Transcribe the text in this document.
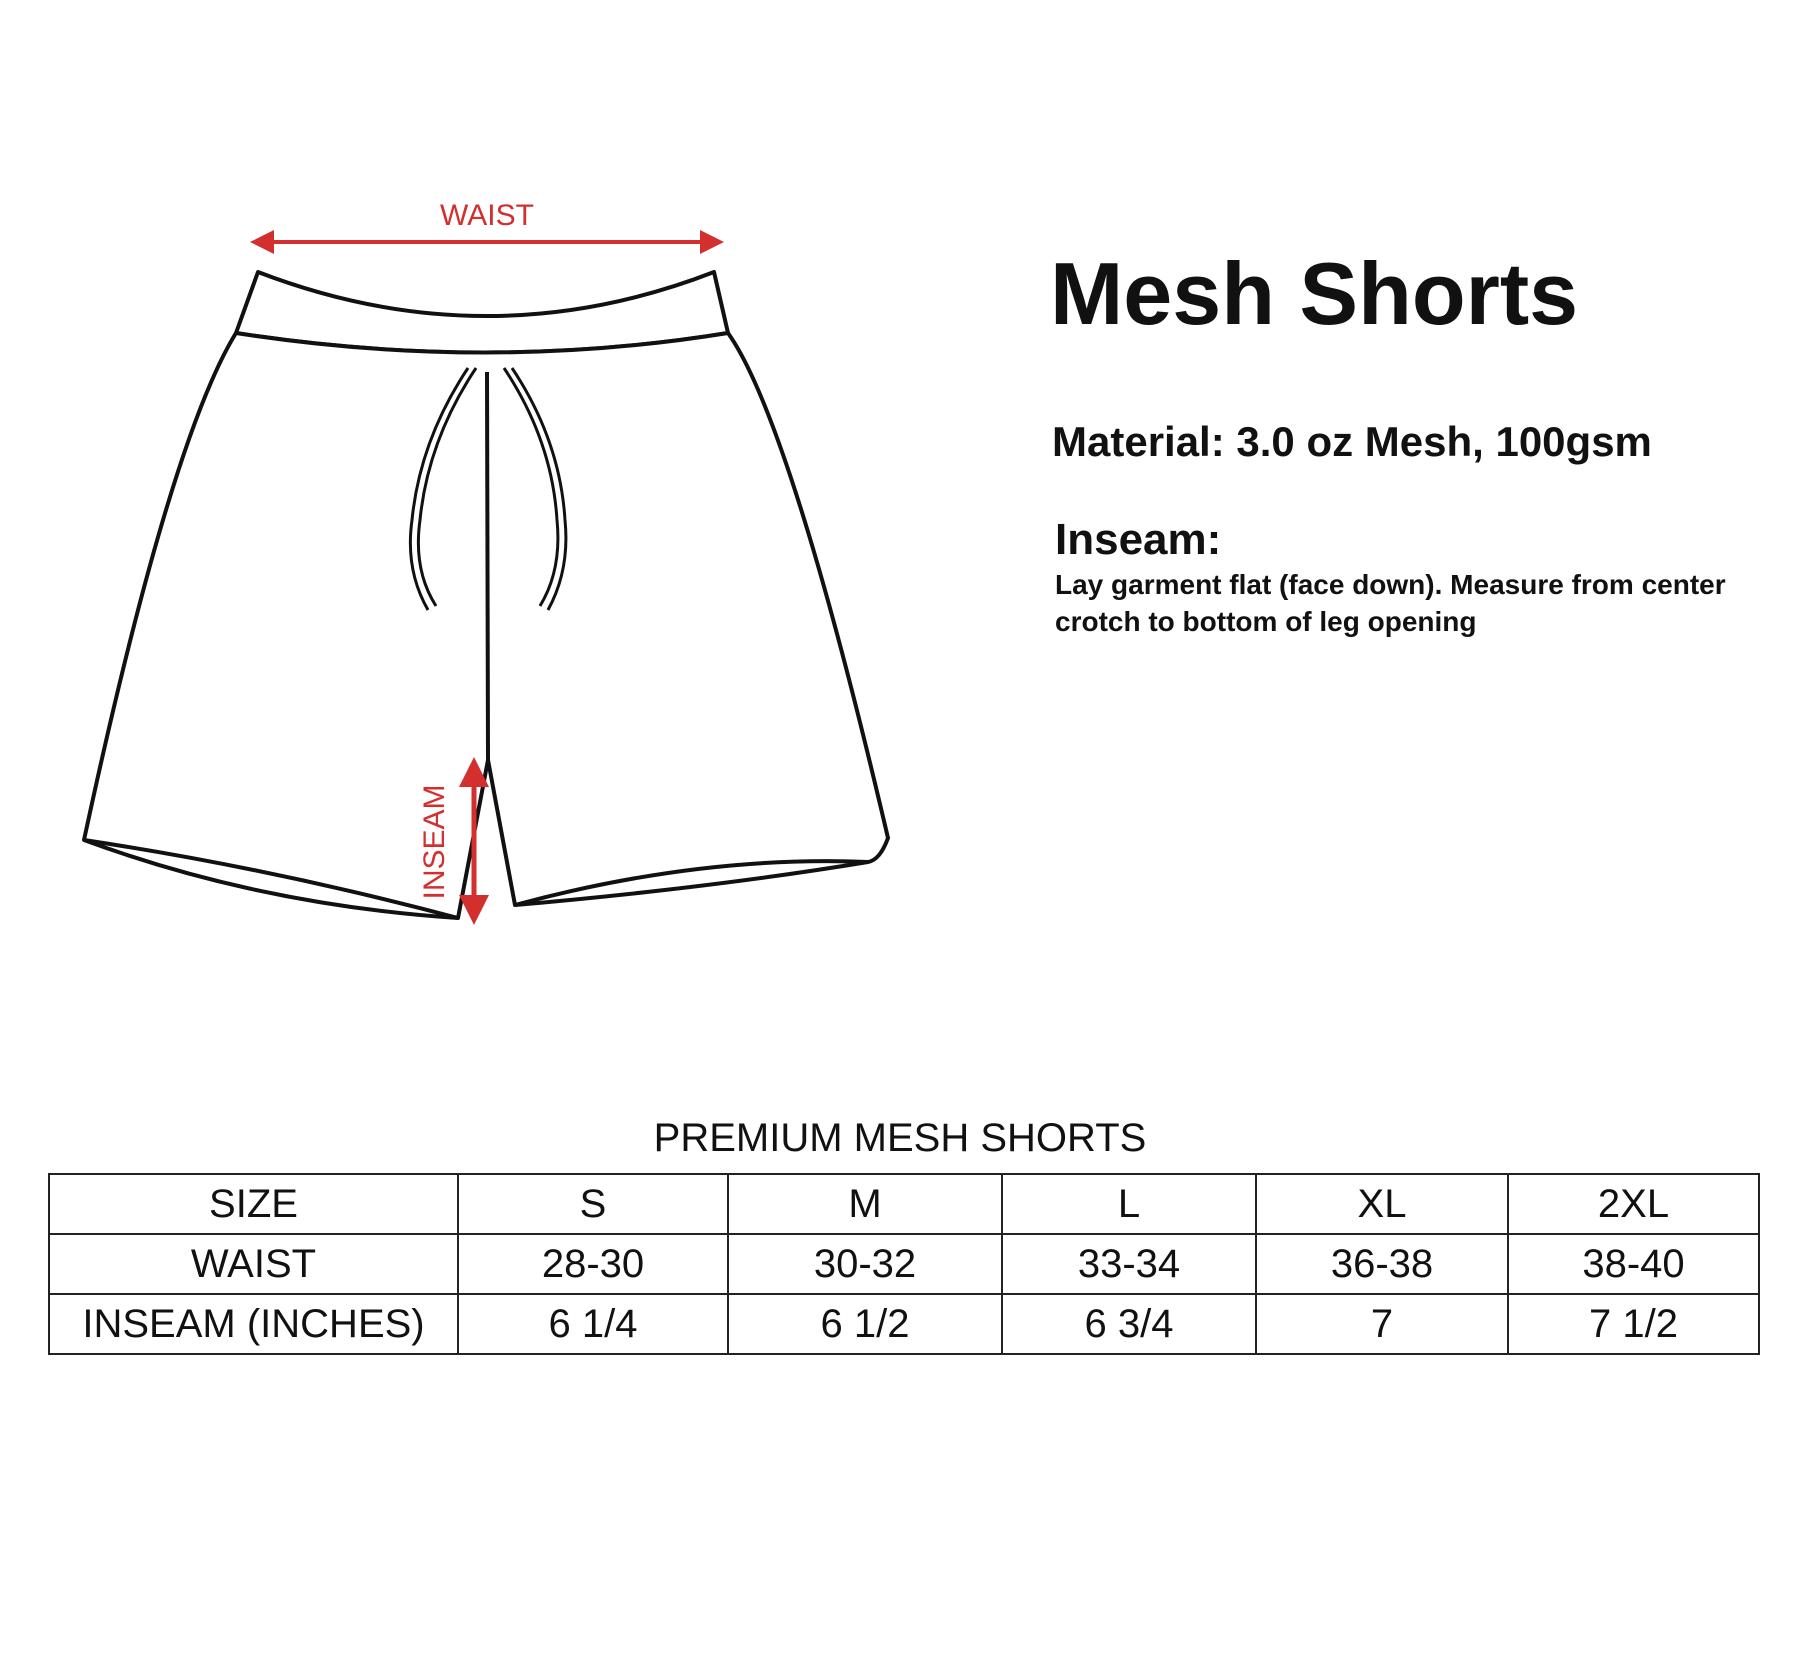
WAIST
INSEAM
Mesh Shorts

Material: 3.0 oz Mesh, 100gsm

Inseam:

Lay garment flat (face down). Measure from center crotch to bottom of leg opening

PREMIUM MESH SHORTS

SIZE	S	M	L	XL	2XL
WAIST	28-30	30-32	33-34	36-38	38-40
INSEAM (INCHES)	6 1/4	6 1/2	6 3/4	7	7 1/2
